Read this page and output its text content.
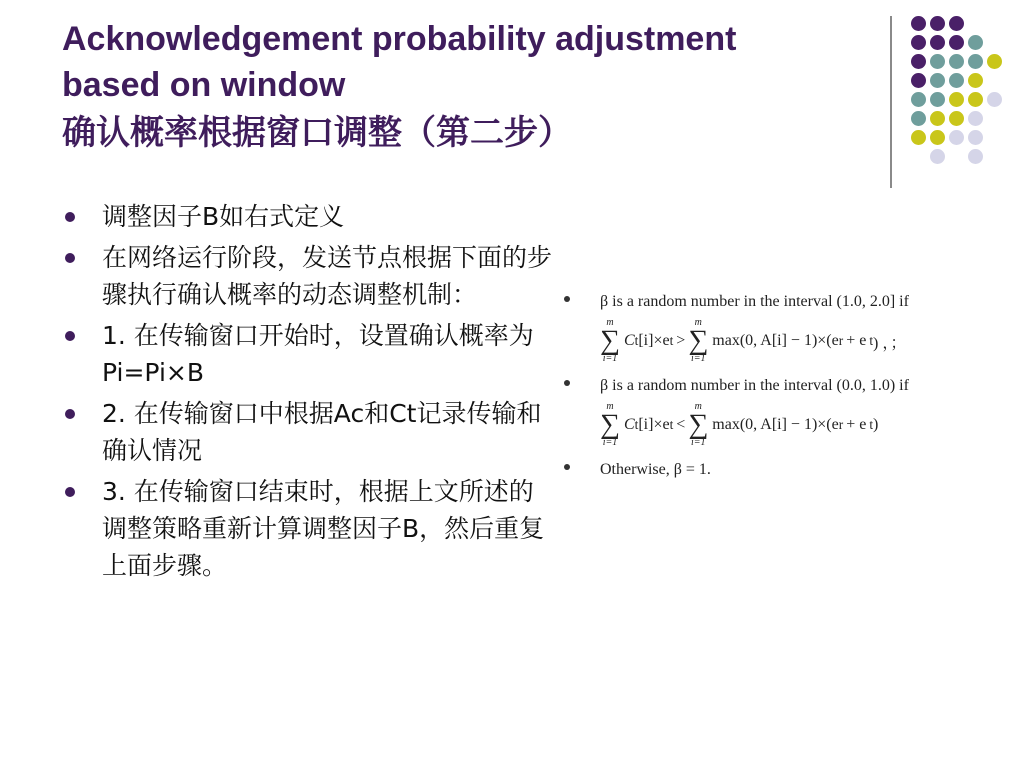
Acknowledgement probability adjustment
based on window
确认概率根据窗口调整（第二步）
调整因子B如右式定义
在网络运行阶段，发送节点根据下面的步骤执行确认概率的动态调整机制：
1. 在传输窗口开始时，设置确认概率为Pi=Pi×B
2. 在传输窗口中根据Ac和Ct记录传输和确认情况
3. 在传输窗口结束时，根据上文所述的调整策略重新计算调整因子B，然后重复上面步骤。
β is a random number in the interval (1.0, 2.0] if
m
∑
i=1
C t [i]×e t >
m
∑
i=1
max(0, A[i] − 1)×(e r + e t ) ，；
β is a random number in the interval (0.0, 1.0) if
m
∑
i=1
C t [i]×e t <
m
∑
i=1
max(0, A[i] − 1)×(e r + e t )
Otherwise, β = 1.
